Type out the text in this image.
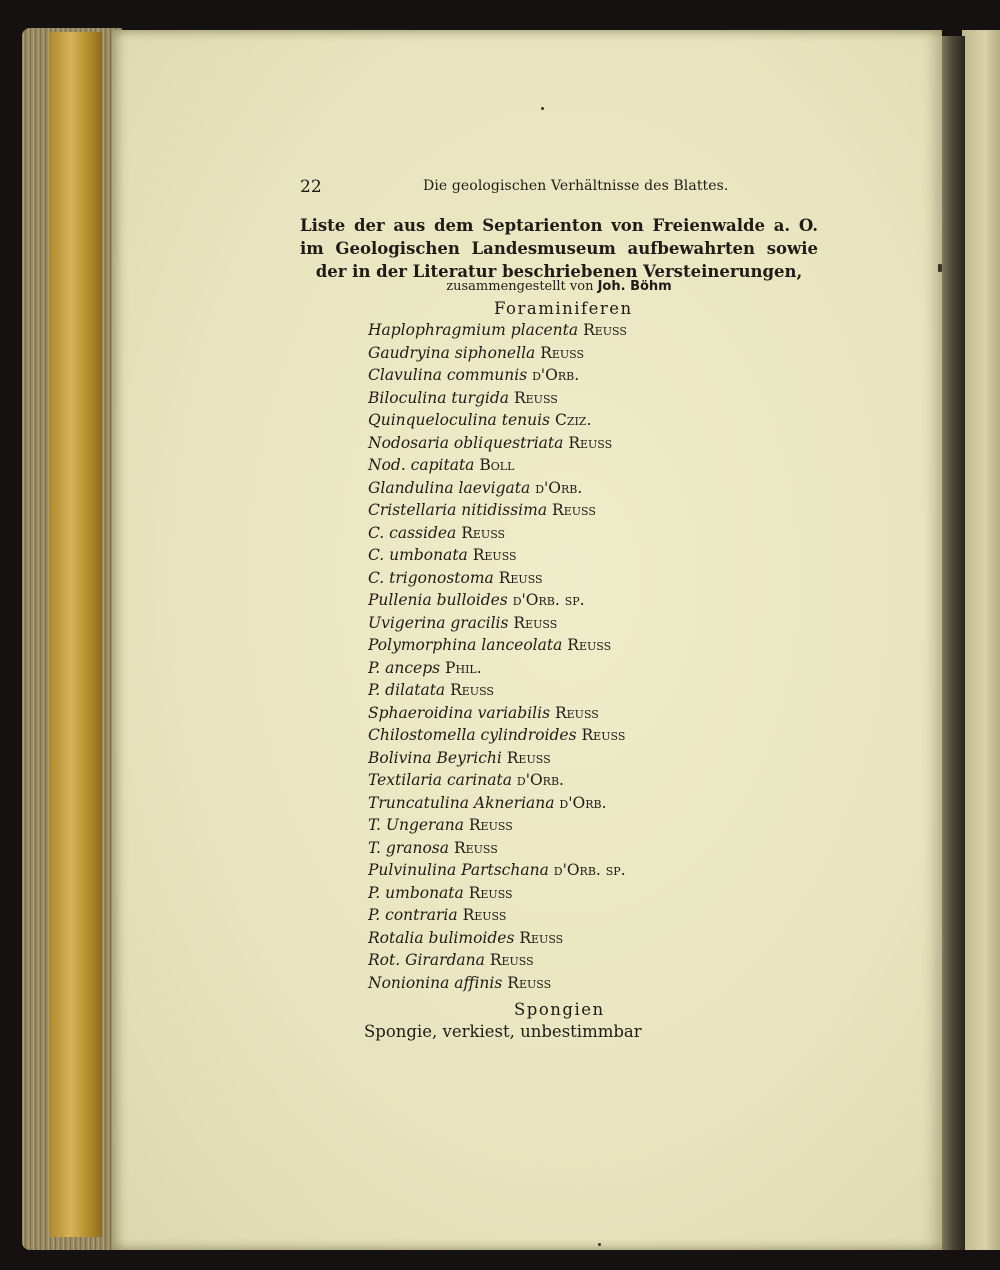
22	Die geologischen Verhältnisse des Blattes.
Liste der aus dem Septarienton von Freienwalde a. O. im Geologischen Landesmuseum aufbewahrten sowie der in der Literatur beschriebenen Versteinerungen,
zusammengestellt von Joh. Böhm
Foraminiferen
Haplophragmium placenta Reuss
Gaudryina siphonella Reuss
Clavulina communis d'Orb.
Biloculina turgida Reuss
Quinqueloculina tenuis Cziz.
Nodosaria obliquestriata Reuss
Nod. capitata Boll
Glandulina laevigata d'Orb.
Cristellaria nitidissima Reuss
C. cassidea Reuss
C. umbonata Reuss
C. trigonostoma Reuss
Pullenia bulloides d'Orb. sp.
Uvigerina gracilis Reuss
Polymorphina lanceolata Reuss
P. anceps Phil.
P. dilatata Reuss
Sphaeroidina variabilis Reuss
Chilostomella cylindroides Reuss
Bolivina Beyrichi Reuss
Textilaria carinata d'Orb.
Truncatulina Akneriana d'Orb.
T. Ungerana Reuss
T. granosa Reuss
Pulvinulina Partschana d'Orb. sp.
P. umbonata Reuss
P. contraria Reuss
Rotalia bulimoides Reuss
Rot. Girardana Reuss
Nonionina affinis Reuss
Spongien
Spongie, verkiest, unbestimmbar
